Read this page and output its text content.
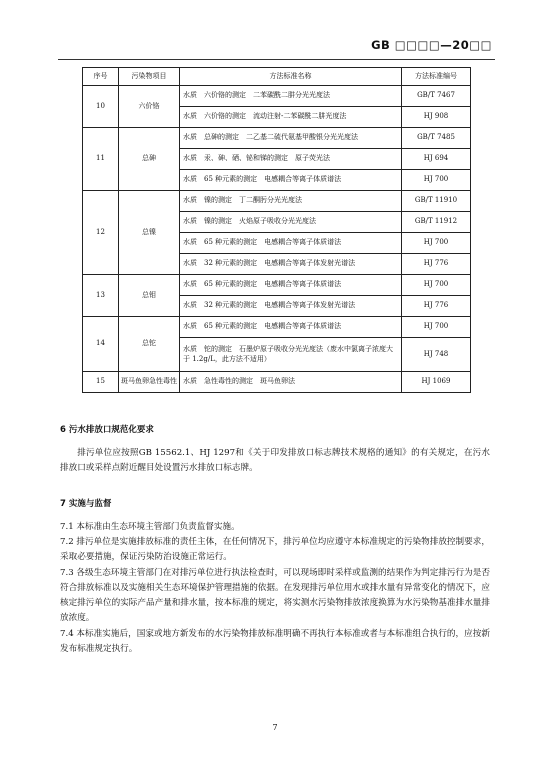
GB □□□□—20□□
序号	污染物项目	方法标准名称	方法标准编号
10	六价铬	水质　六价铬的测定　二苯碳酰二肼分光光度法	GB/T 7467
		水质　六价铬的测定　流动注射-二苯碳酰二肼光度法	HJ 908
11	总砷	水质　总砷的测定　二乙基二硫代氨基甲酸银分光光度法	GB/T 7485
		水质　汞、砷、硒、铋和锑的测定　原子荧光法	HJ 694
		水质　65 种元素的测定　电感耦合等离子体质谱法	HJ 700
12	总镍	水质　镍的测定　丁二酮肟分光光度法	GB/T 11910
		水质　镍的测定　火焰原子吸收分光光度法	GB/T 11912
		水质　65 种元素的测定　电感耦合等离子体质谱法	HJ 700
		水质　32 种元素的测定　电感耦合等离子体发射光谱法	HJ 776
13	总钼	水质　65 种元素的测定　电感耦合等离子体质谱法	HJ 700
		水质　32 种元素的测定　电感耦合等离子体发射光谱法	HJ 776
14	总铊	水质　65 种元素的测定　电感耦合等离子体质谱法	HJ 700
		水质　铊的测定　石墨炉原子吸收分光光度法（废水中氯离子浓度大于 1.2g/L，此方法不适用）	HJ 748
15	斑马鱼卵急性毒性	水质　急性毒性的测定　斑马鱼卵法	HJ 1069
6 污水排放口规范化要求

排污单位应按照GB 15562.1、HJ 1297和《关于印发排放口标志牌技术规格的通知》的有关规定，在污水排放口或采样点附近醒目处设置污水排放口标志牌。

7 实施与监督

7.1 本标准由生态环境主管部门负责监督实施。

7.2 排污单位是实施排放标准的责任主体，在任何情况下，排污单位均应遵守本标准规定的污染物排放控制要求，采取必要措施，保证污染防治设施正常运行。

7.3 各级生态环境主管部门在对排污单位进行执法检查时，可以现场即时采样或监测的结果作为判定排污行为是否符合排放标准以及实施相关生态环境保护管理措施的依据。在发现排污单位用水或排水量有异常变化的情况下，应核定排污单位的实际产品产量和排水量，按本标准的规定，将实测水污染物排放浓度换算为水污染物基准排水量排放浓度。

7.4 本标准实施后，国家或地方新发布的水污染物排放标准明确不再执行本标准或者与本标准组合执行的，应按新发布标准规定执行。

7
